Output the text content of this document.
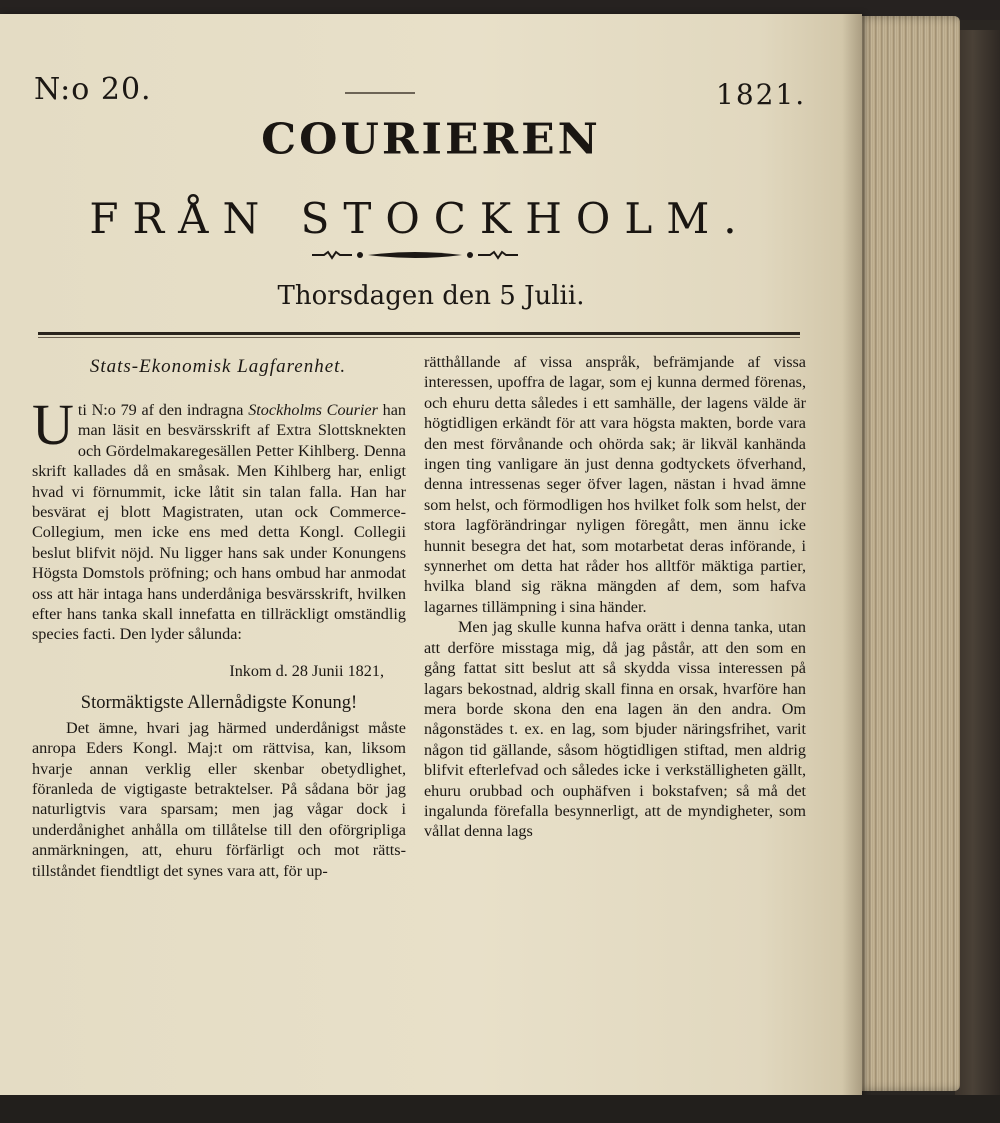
N:o 20.	1821.
COURIEREN
FRÅN STOCKHOLM.
Thorsdagen den 5 Julii.
Stats-Ekonomisk Lagfarenhet.

Uti N:o 79 af den indragna Stockholms Courier han man läsit en besvärsskrift af Extra Slottsknekten och Gördelmakaregesällen Petter Kihlberg. Denna skrift kallades då en småsak. Men Kihlberg har, enligt hvad vi förnummit, icke låtit sin talan falla. Han har besvärat ej blott Magistraten, utan ock Commerce-Collegium, men icke ens med detta Kongl. Collegii beslut blifvit nöjd. Nu ligger hans sak under Konungens Högsta Domstols pröfning; och hans ombud har anmodat oss att här intaga hans underdåniga besvärsskrift, hvilken efter hans tanka skall innefatta en tillräckligt omständlig species facti. Den lyder sålunda:

Inkom d. 28 Junii 1821,

Stormäktigste Allernådigste Konung!

Det ämne, hvari jag härmed underdånigst måste anropa Eders Kongl. Maj:t om rättvisa, kan, liksom hvarje annan verklig eller skenbar obetydlighet, föranleda de vigtigaste betraktelser. På sådana bör jag naturligtvis vara sparsam; men jag vågar dock i underdånighet anhålla om tillåtelse till den oförgripliga anmärkningen, att, ehuru förfärligt och mot rätts-tillståndet fiendtligt det synes vara att, för up-

rätthållande af vissa anspråk, befrämjande af vissa interessen, upoffra de lagar, som ej kunna dermed förenas, och ehuru detta således i ett samhälle, der lagens välde är högtidligen erkändt för att vara högsta makten, borde vara den mest förvånande och ohörda sak; är likväl kanhända ingen ting vanligare än just denna godtyckets öfverhand, denna intressenas seger öfver lagen, nästan i hvad ämne som helst, och förmodligen hos hvilket folk som helst, der stora lagförändringar nyligen föregått, men ännu icke hunnit besegra det hat, som motarbetat deras införande, i synnerhet om detta hat råder hos alltför mäktiga partier, hvilka bland sig räkna mängden af dem, som hafva lagarnes tillämpning i sina händer.

Men jag skulle kunna hafva orätt i denna tanka, utan att derföre misstaga mig, då jag påstår, att den som en gång fattat sitt beslut att så skydda vissa interessen på lagars bekostnad, aldrig skall finna en orsak, hvarföre han mera borde skona den ena lagen än den andra. Om någonstädes t. ex. en lag, som bjuder näringsfrihet, varit någon tid gällande, såsom högtidligen stiftad, men aldrig blifvit efterlefvad och således icke i verkställigheten gällt, ehuru orubbad och ouphäfven i bokstafven; så må det ingalunda förefalla besynnerligt, att de myndigheter, som vållat denna lags
